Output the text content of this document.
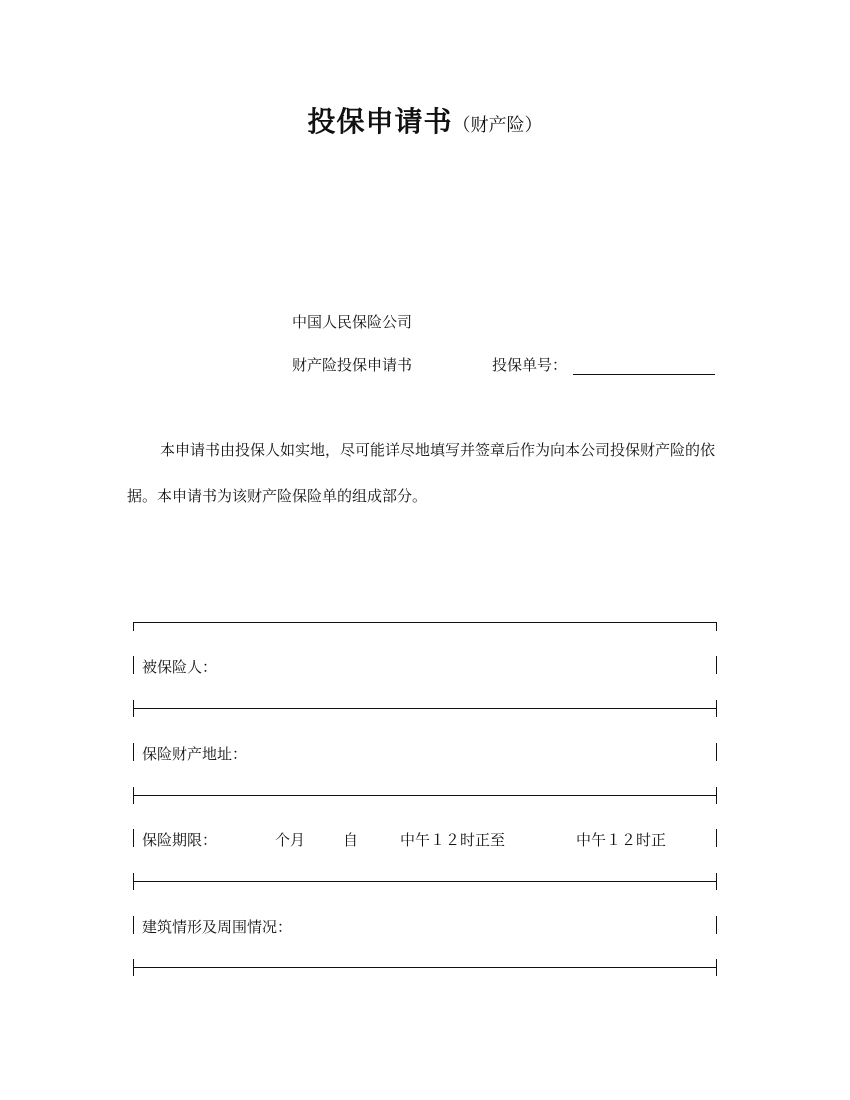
投保申请书（财产险）
中国人民保险公司
财产险投保申请书	投保单号：

本申请书由投保人如实地，尽可能详尽地填写并签章后作为向本公司投保财产险的依据。本申请书为该财产险保险单的组成部分。

被保险人：
保险财产地址：
保险期限：	个月	自	中午１２时正至	中午１２时正
建筑情形及周围情况：
